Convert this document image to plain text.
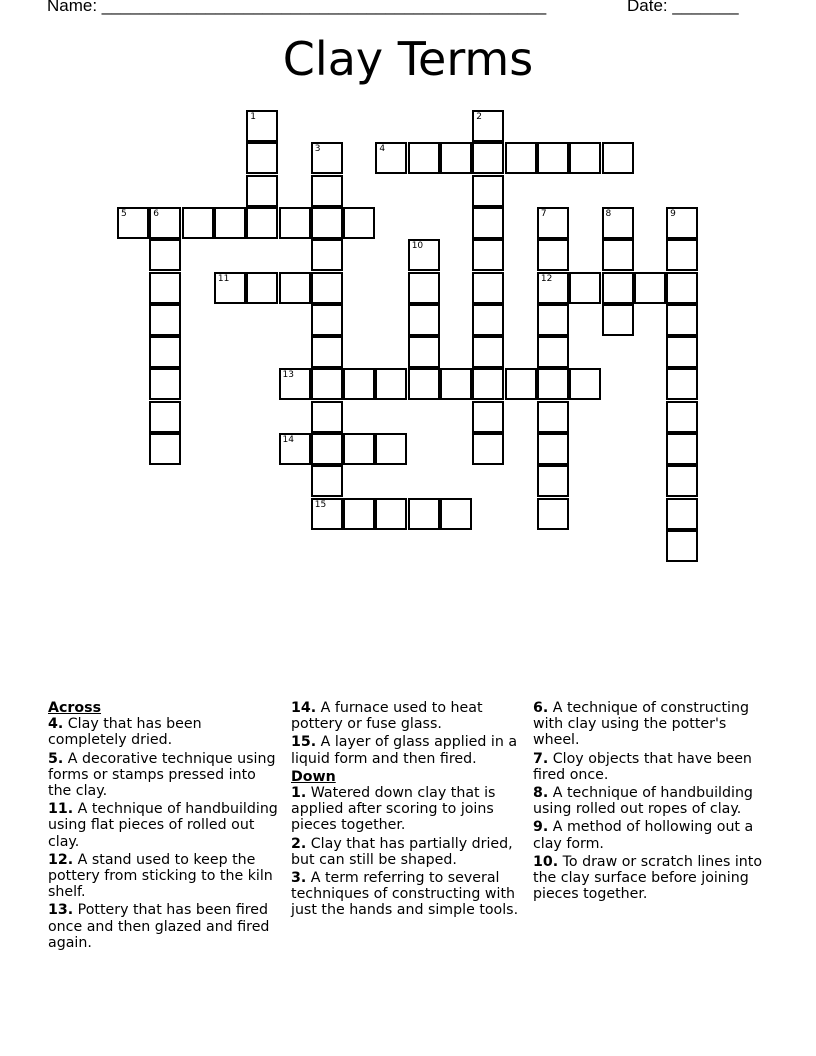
Name: _______________________________________________	Date: _______
Clay Terms
1
4
2
3
15
5	6	7
12
8	9
10
11
13
14
Across
4. Clay that has been completely dried.
5. A decorative technique using forms or stamps pressed into the clay.
11. A technique of handbuilding using flat pieces of rolled out clay.
12. A stand used to keep the pottery from sticking to the kiln shelf.
13. Pottery that has been fired once and then glazed and fired again.
14. A furnace used to heat pottery or fuse glass.
15. A layer of glass applied in a liquid form and then fired.
Down
1. Watered down clay that is applied after scoring to joins pieces together.
2. Clay that has partially dried, but can still be shaped.
3. A term referring to several techniques of constructing with just the hands and simple tools.
6. A technique of constructing with clay using the potter's wheel.
7. Cloy objects that have been fired once.
8. A technique of handbuilding using rolled out ropes of clay.
9. A method of hollowing out a clay form.
10. To draw or scratch lines into the clay surface before joining pieces together.
